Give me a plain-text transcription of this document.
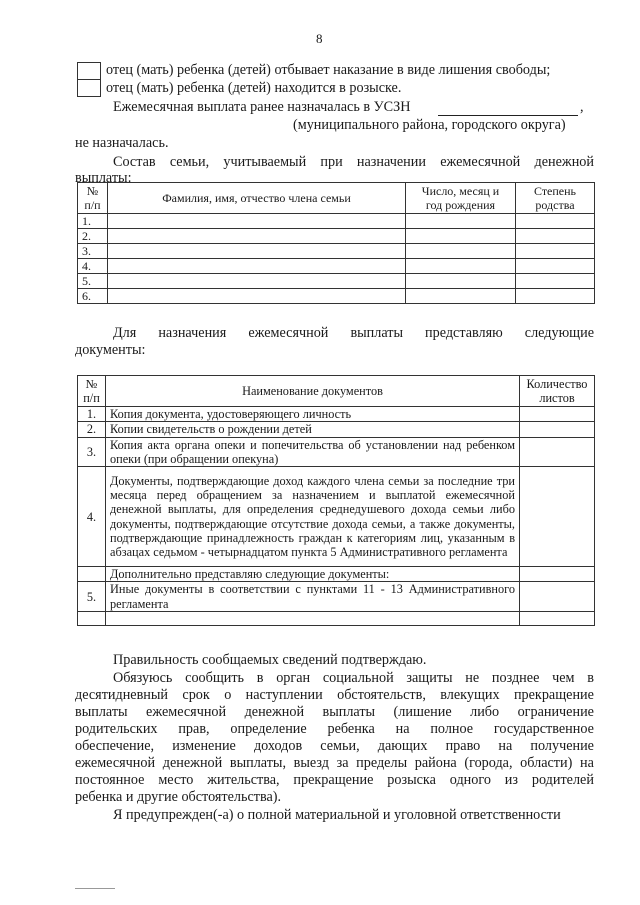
8
отец (мать) ребенка (детей) отбывает наказание в виде лишения свободы;
отец (мать) ребенка (детей) находится в розыске.
Ежемесячная выплата ранее назначалась в УСЗН	,
(муниципального района, городского округа)
не назначалась.
Состав семьи, учитываемый при назначении ежемесячной денежной
выплаты:
№
п/п	Фамилия, имя, отчество члена семьи	Число, месяц и
год рождения	Степень
родства
1.			
2.			
3.			
4.			
5.			
6.			
Для назначения ежемесячной выплаты представляю следующие
документы:
№
п/п	Наименование документов	Количество
листов
1.	Копия документа, удостоверяющего личность	
2.	Копии свидетельств о рождении детей	
3.	Копия акта органа опеки и попечительства об установлении над ребенком опеки (при обращении опекуна)	
4.	Документы, подтверждающие доход каждого члена семьи за последние три месяца перед обращением за назначением и выплатой ежемесячной денежной выплаты, для определения среднедушевого дохода семьи либо документы, подтверждающие отсутствие дохода семьи, а также документы, подтверждающие принадлежность граждан к категориям лиц, указанным в абзацах седьмом - четырнадцатом пункта 5 Административного регламента	
	Дополнительно представляю следующие документы:	
5.	Иные документы в соответствии с пунктами 11 - 13 Административного регламента	

Правильность сообщаемых сведений подтверждаю.
Обязуюсь сообщить в орган социальной защиты не позднее чем в
десятидневный срок о наступлении обстоятельств, влекущих прекращение
выплаты ежемесячной денежной выплаты (лишение либо ограничение
родительских прав, определение ребенка на полное государственное
обеспечение, изменение доходов семьи, дающих право на получение
ежемесячной денежной выплаты, выезд за пределы района (города, области) на
постоянное место жительства, прекращение розыска одного из родителей
ребенка и другие обстоятельства).
Я предупрежден(-а) о полной материальной и уголовной ответственности
